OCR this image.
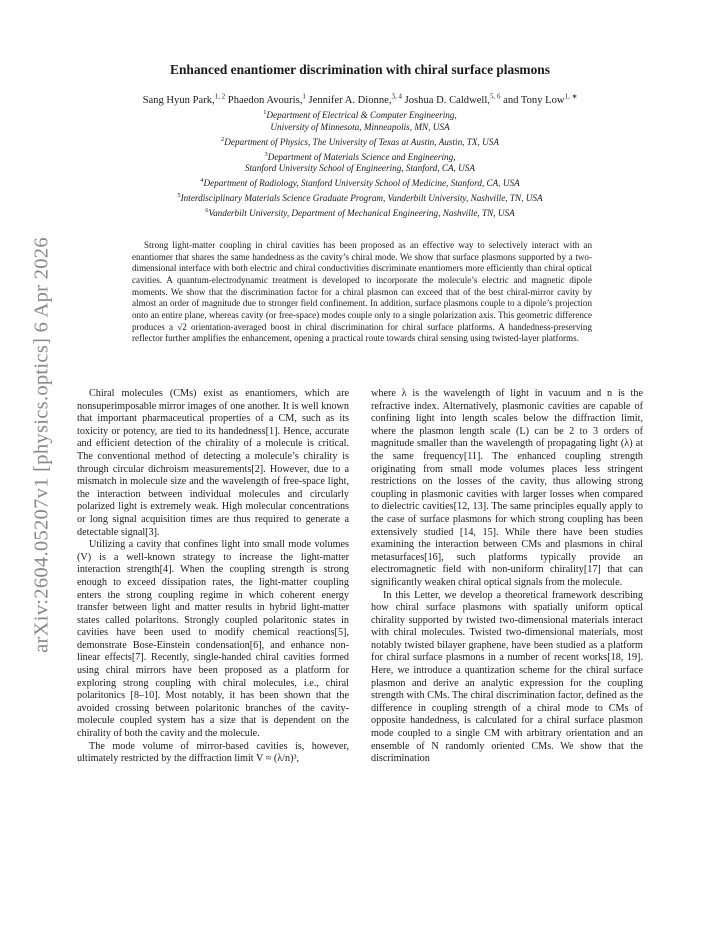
arXiv:2604.05207v1 [physics.optics] 6 Apr 2026
Enhanced enantiomer discrimination with chiral surface plasmons
Sang Hyun Park,$^{1, 2}$ Phaedon Avouris,$^1$ Jennifer A. Dionne,$^{3, 4}$ Joshua D. Caldwell,$^{5, 6}$ and Tony Low$^{1, ∗}$
$^1$Department of Electrical & Computer Engineering,
University of Minnesota, Minneapolis, MN, USA
$^2$Department of Physics, The University of Texas at Austin, Austin, TX, USA
$^3$Department of Materials Science and Engineering,
Stanford University School of Engineering, Stanford, CA, USA
$^4$Department of Radiology, Stanford University School of Medicine, Stanford, CA, USA
$^5$Interdisciplinary Materials Science Graduate Program, Vanderbilt University, Nashville, TN, USA
$^6$Vanderbilt University, Department of Mechanical Engineering, Nashville, TN, USA
Strong light-matter coupling in chiral cavities has been proposed as an effective way to selectively interact with an enantiomer that shares the same handedness as the cavity’s chiral mode. We show that surface plasmons supported by a two-dimensional interface with both electric and chiral conductivities discriminate enantiomers more efficiently than chiral optical cavities. A quantum-electrodynamic treatment is developed to incorporate the molecule’s electric and magnetic dipole moments. We show that the discrimination factor for a chiral plasmon can exceed that of the best chiral-mirror cavity by almost an order of magnitude due to stronger field confinement. In addition, surface plasmons couple to a dipole’s projection onto an entire plane, whereas cavity (or free-space) modes couple only to a single polarization axis. This geometric difference produces a √2 orientation-averaged boost in chiral discrimination for chiral surface platforms. A handedness-preserving reflector further amplifies the enhancement, opening a practical route towards chiral sensing using twisted-layer platforms.

Chiral molecules (CMs) exist as enantiomers, which are nonsuperimposable mirror images of one another. It is well known that important pharmaceutical properties of a CM, such as its toxicity or potency, are tied to its handedness[1]. Hence, accurate and efficient detection of the chirality of a molecule is critical. The conventional method of detecting a molecule’s chirality is through circular dichroism measurements[2]. However, due to a mismatch in molecule size and the wavelength of free-space light, the interaction between individual molecules and circularly polarized light is extremely weak. High molecular concentrations or long signal acquisition times are thus required to generate a detectable signal[3].

Utilizing a cavity that confines light into small mode volumes (V) is a well-known strategy to increase the light-matter interaction strength[4]. When the coupling strength is strong enough to exceed dissipation rates, the light-matter coupling enters the strong coupling regime in which coherent energy transfer between light and matter results in hybrid light-matter states called polaritons. Strongly coupled polaritonic states in cavities have been used to modify chemical reactions[5], demonstrate Bose-Einstein condensation[6], and enhance non-linear effects[7]. Recently, single-handed chiral cavities formed using chiral mirrors have been proposed as a platform for exploring strong coupling with chiral molecules, i.e., chiral polaritonics [8–10]. Most notably, it has been shown that the avoided crossing between polaritonic branches of the cavity-molecule coupled system has a size that is dependent on the chirality of both the cavity and the molecule.

The mode volume of mirror-based cavities is, however, ultimately restricted by the diffraction limit V ≈ (λ/n)³,

where λ is the wavelength of light in vacuum and n is the refractive index. Alternatively, plasmonic cavities are capable of confining light into length scales below the diffraction limit, where the plasmon length scale (L) can be 2 to 3 orders of magnitude smaller than the wavelength of propagating light (λ) at the same frequency[11]. The enhanced coupling strength originating from small mode volumes places less stringent restrictions on the losses of the cavity, thus allowing strong coupling in plasmonic cavities with larger losses when compared to dielectric cavities[12, 13]. The same principles equally apply to the case of surface plasmons for which strong coupling has been extensively studied [14, 15]. While there have been studies examining the interaction between CMs and plasmons in chiral metasurfaces[16], such platforms typically provide an electromagnetic field with non-uniform chirality[17] that can significantly weaken chiral optical signals from the molecule.

In this Letter, we develop a theoretical framework describing how chiral surface plasmons with spatially uniform optical chirality supported by twisted two-dimensional materials interact with chiral molecules. Twisted two-dimensional materials, most notably twisted bilayer graphene, have been studied as a platform for chiral surface plasmons in a number of recent works[18, 19]. Here, we introduce a quantization scheme for the chiral surface plasmon and derive an analytic expression for the coupling strength with CMs. The chiral discrimination factor, defined as the difference in coupling strength of a chiral mode to CMs of opposite handedness, is calculated for a chiral surface plasmon mode coupled to a single CM with arbitrary orientation and an ensemble of N randomly oriented CMs. We show that the discrimination
